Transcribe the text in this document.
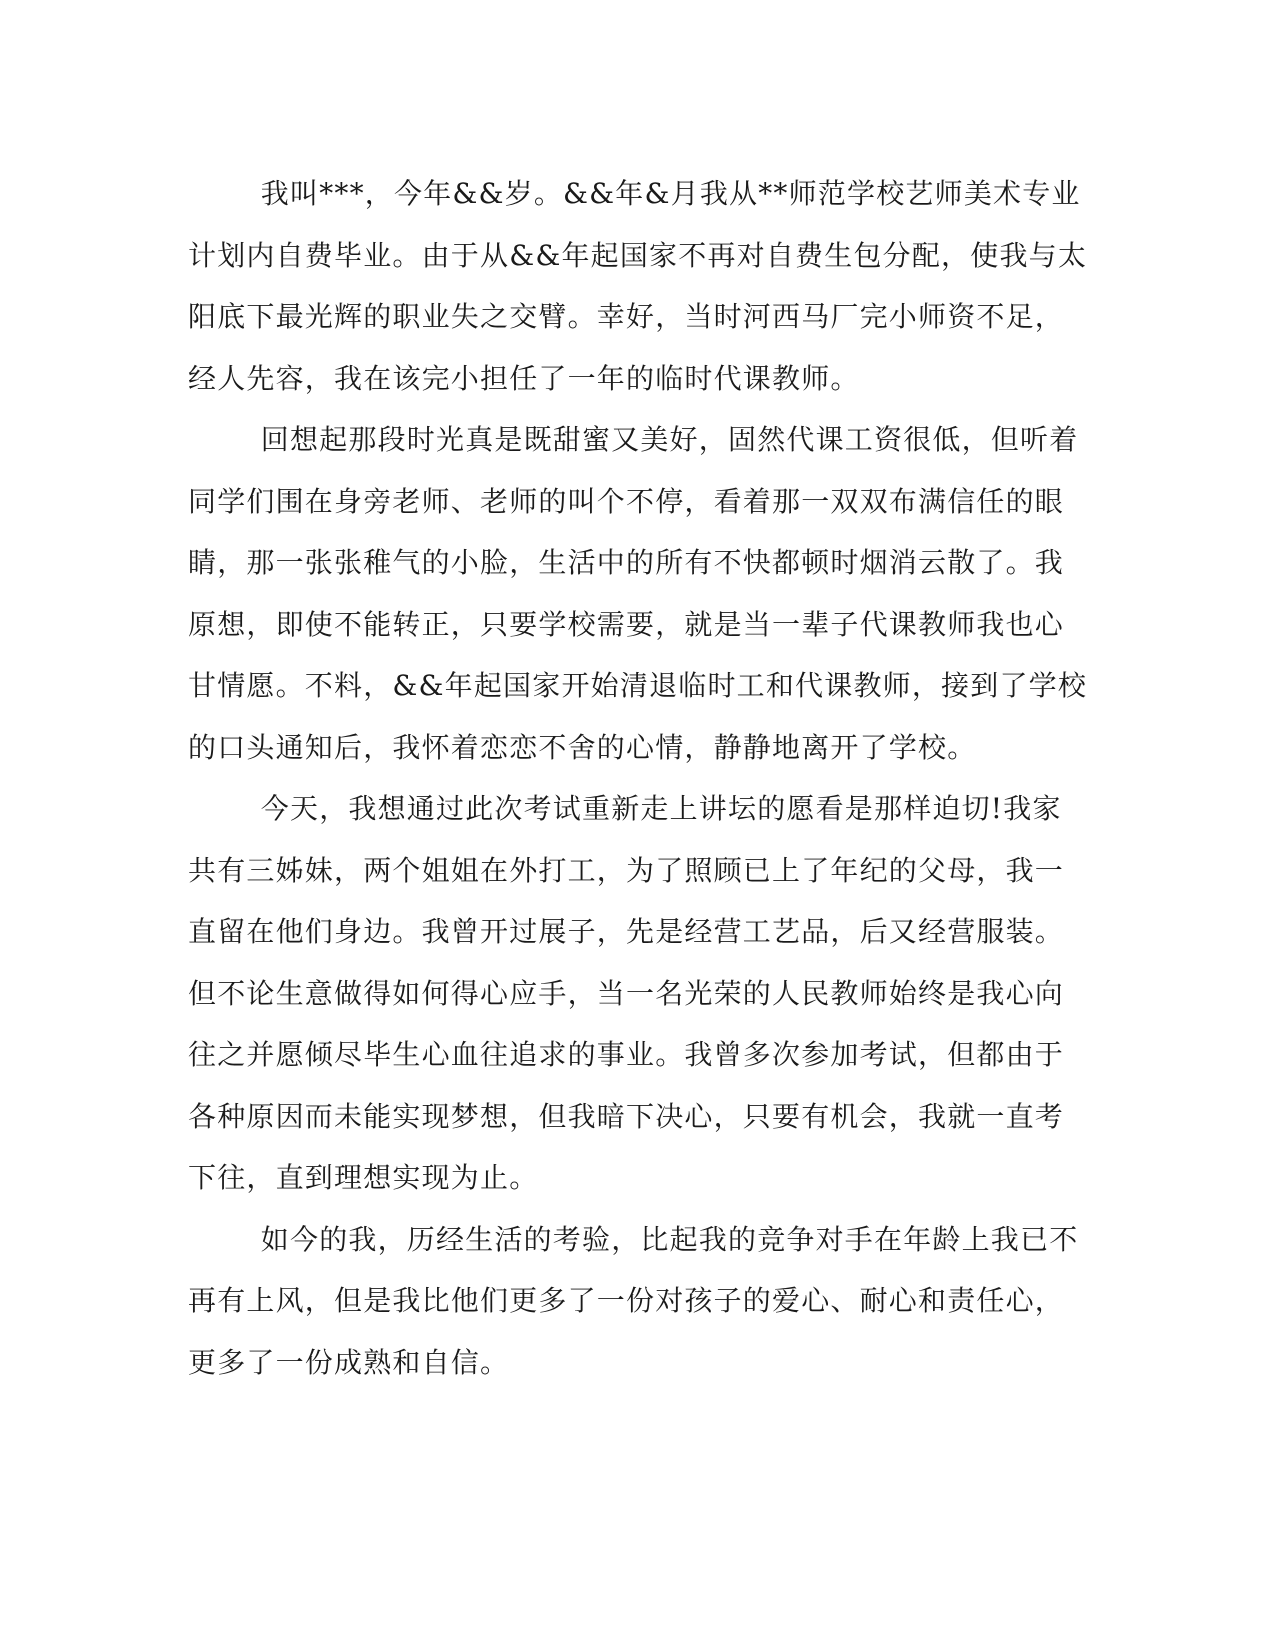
我叫***，今年&&岁。&&年&月我从**师范学校艺师美术专业
计划内自费毕业。由于从&&年起国家不再对自费生包分配，使我与太
阳底下最光辉的职业失之交臂。幸好，当时河西马厂完小师资不足，
经人先容，我在该完小担任了一年的临时代课教师。

回想起那段时光真是既甜蜜又美好，固然代课工资很低，但听着
同学们围在身旁老师、老师的叫个不停，看着那一双双布满信任的眼
睛，那一张张稚气的小脸，生活中的所有不快都顿时烟消云散了。我
原想，即使不能转正，只要学校需要，就是当一辈子代课教师我也心
甘情愿。不料，&&年起国家开始清退临时工和代课教师，接到了学校
的口头通知后，我怀着恋恋不舍的心情，静静地离开了学校。

今天，我想通过此次考试重新走上讲坛的愿看是那样迫切!我家
共有三姊妹，两个姐姐在外打工，为了照顾已上了年纪的父母，我一
直留在他们身边。我曾开过展子，先是经营工艺品，后又经营服装。
但不论生意做得如何得心应手，当一名光荣的人民教师始终是我心向
往之并愿倾尽毕生心血往追求的事业。我曾多次参加考试，但都由于
各种原因而未能实现梦想，但我暗下决心，只要有机会，我就一直考
下往，直到理想实现为止。

如今的我，历经生活的考验，比起我的竞争对手在年龄上我已不
再有上风，但是我比他们更多了一份对孩子的爱心、耐心和责任心，
更多了一份成熟和自信。
